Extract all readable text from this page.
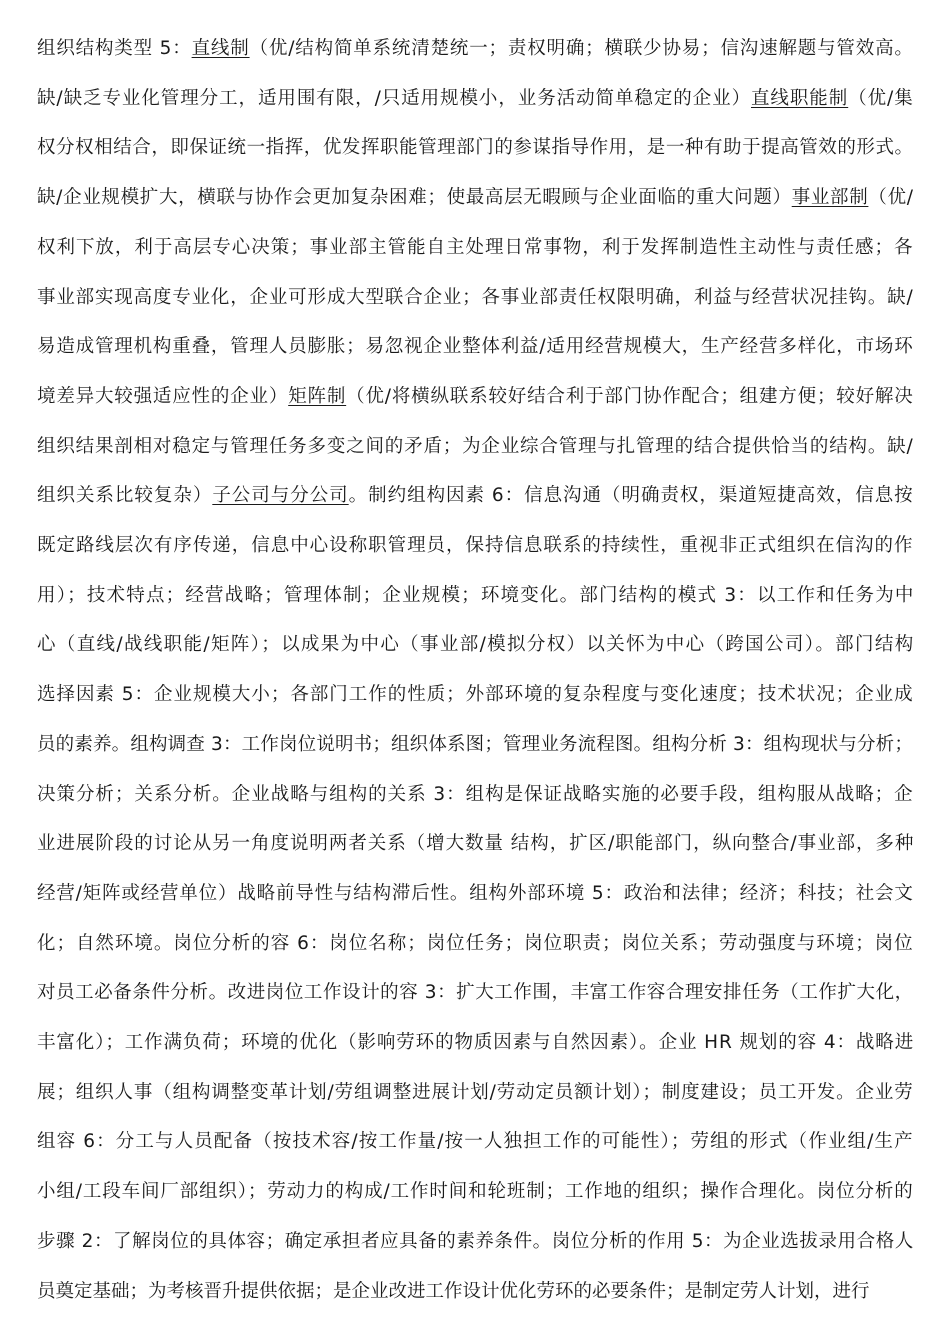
组织结构类型 5：直线制（优/结构简单系统清楚统一；责权明确；横联少协易；信沟速解题与管效高。
缺/缺乏专业化管理分工，适用围有限，/只适用规模小，业务活动简单稳定的企业）直线职能制（优/集
权分权相结合，即保证统一指挥，优发挥职能管理部门的参谋指导作用，是一种有助于提高管效的形式。
缺/企业规模扩大，横联与协作会更加复杂困难；使最高层无暇顾与企业面临的重大问题）事业部制（优/
权利下放，利于高层专心决策；事业部主管能自主处理日常事物，利于发挥制造性主动性与责任感；各
事业部实现高度专业化，企业可形成大型联合企业；各事业部责任权限明确，利益与经营状况挂钩。缺/
易造成管理机构重叠，管理人员膨胀；易忽视企业整体利益/适用经营规模大，生产经营多样化，市场环
境差异大较强适应性的企业）矩阵制（优/将横纵联系较好结合利于部门协作配合；组建方便；较好解决
组织结果剖相对稳定与管理任务多变之间的矛盾；为企业综合管理与扎管理的结合提供恰当的结构。缺/
组织关系比较复杂）子公司与分公司。制约组构因素 6：信息沟通（明确责权，渠道短捷高效，信息按
既定路线层次有序传递，信息中心设称职管理员，保持信息联系的持续性，重视非正式组织在信沟的作
用）；技术特点；经营战略；管理体制；企业规模；环境变化。部门结构的模式 3：以工作和任务为中
心（直线/战线职能/矩阵）；以成果为中心（事业部/模拟分权）以关怀为中心（跨国公司）。部门结构
选择因素 5：企业规模大小；各部门工作的性质；外部环境的复杂程度与变化速度；技术状况；企业成
员的素养。组构调查 3：工作岗位说明书；组织体系图；管理业务流程图。组构分析 3：组构现状与分析；
决策分析；关系分析。企业战略与组构的关系 3：组构是保证战略实施的必要手段，组构服从战略；企
业进展阶段的讨论从另一角度说明两者关系（增大数量 结构，扩区/职能部门，纵向整合/事业部，多种
经营/矩阵或经营单位）战略前导性与结构滞后性。组构外部环境 5：政治和法律；经济；科技；社会文
化；自然环境。岗位分析的容 6：岗位名称；岗位任务；岗位职责；岗位关系；劳动强度与环境；岗位
对员工必备条件分析。改进岗位工作设计的容 3：扩大工作围，丰富工作容合理安排任务（工作扩大化，
丰富化）；工作满负荷；环境的优化（影响劳环的物质因素与自然因素）。企业 HR 规划的容 4：战略进
展；组织人事（组构调整变革计划/劳组调整进展计划/劳动定员额计划）；制度建设；员工开发。企业劳
组容 6：分工与人员配备（按技术容/按工作量/按一人独担工作的可能性）；劳组的形式（作业组/生产
小组/工段车间厂部组织）；劳动力的构成/工作时间和轮班制；工作地的组织；操作合理化。岗位分析的
步骤 2：了解岗位的具体容；确定承担者应具备的素养条件。岗位分析的作用 5：为企业选拔录用合格人
员奠定基础；为考核晋升提供依据；是企业改进工作设计优化劳环的必要条件；是制定劳人计划，进行
